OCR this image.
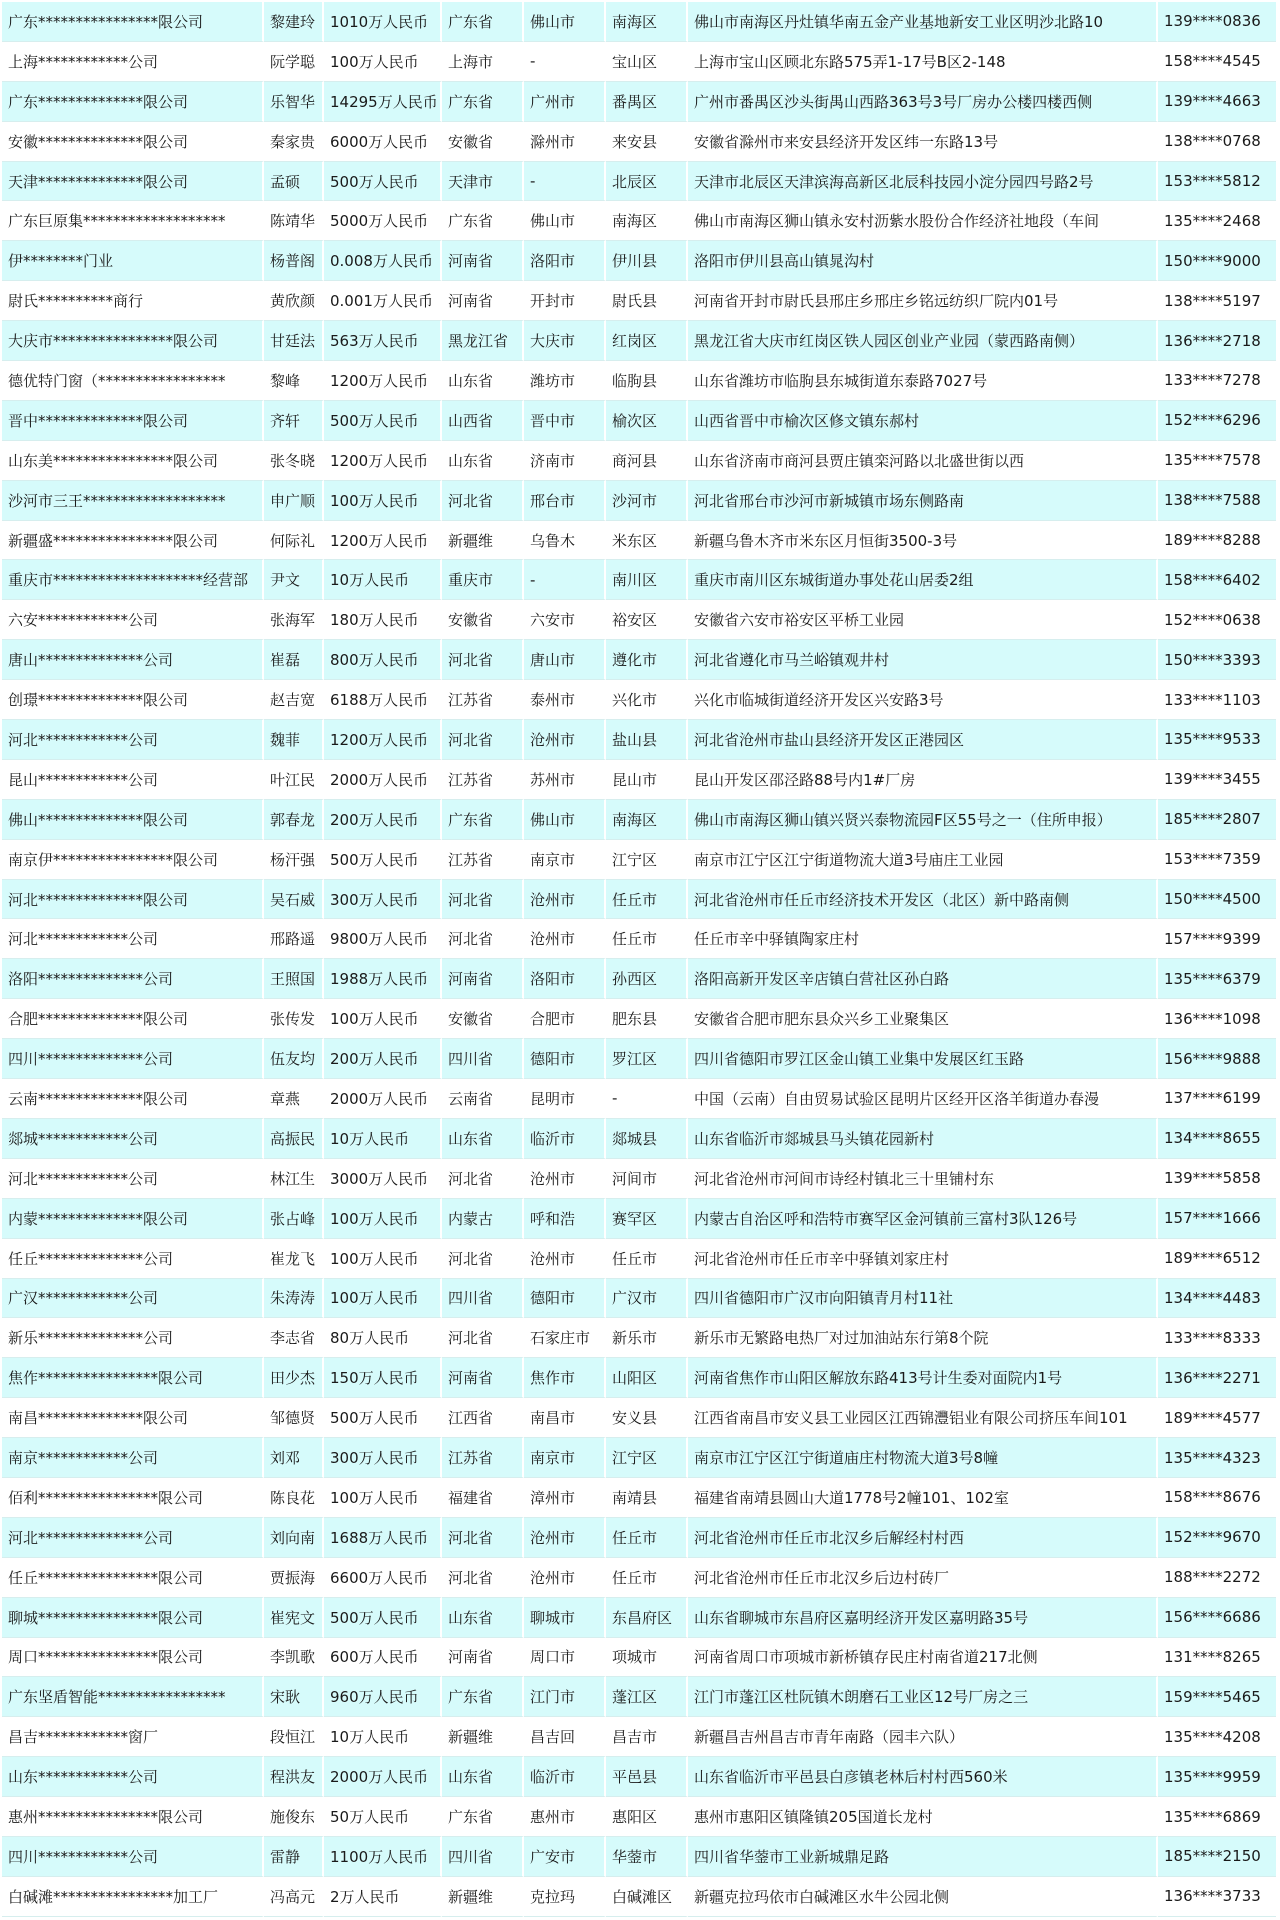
广东****************限公司	黎建玲	1010万人民币	广东省	佛山市	南海区	佛山市南海区丹灶镇华南五金产业基地新安工业区明沙北路10	139****0836
上海************公司	阮学聪	100万人民币	上海市	-	宝山区	上海市宝山区顾北东路575弄1-17号B区2-148	158****4545
广东**************限公司	乐智华	14295万人民币	广东省	广州市	番禺区	广州市番禺区沙头街禺山西路363号3号厂房办公楼四楼西侧	139****4663
安徽**************限公司	秦家贵	6000万人民币	安徽省	滁州市	来安县	安徽省滁州市来安县经济开发区纬一东路13号	138****0768
天津**************限公司	孟硕	500万人民币	天津市	-	北辰区	天津市北辰区天津滨海高新区北辰科技园小淀分园四号路2号	153****5812
广东巨原集*******************	陈靖华	5000万人民币	广东省	佛山市	南海区	佛山市南海区狮山镇永安村沥紫水股份合作经济社地段（车间	135****2468
伊********门业	杨普阁	0.008万人民币	河南省	洛阳市	伊川县	洛阳市伊川县高山镇晁沟村	150****9000
尉氏**********商行	黄欣颜	0.001万人民币	河南省	开封市	尉氏县	河南省开封市尉氏县邢庄乡邢庄乡铭远纺织厂院内01号	138****5197
大庆市****************限公司	甘廷法	563万人民币	黑龙江省	大庆市	红岗区	黑龙江省大庆市红岗区铁人园区创业产业园（蒙西路南侧）	136****2718
德优特门窗（*****************	黎峰	1200万人民币	山东省	潍坊市	临朐县	山东省潍坊市临朐县东城街道东泰路7027号	133****7278
晋中**************限公司	齐轩	500万人民币	山西省	晋中市	榆次区	山西省晋中市榆次区修文镇东郝村	152****6296
山东美****************限公司	张冬晓	1200万人民币	山东省	济南市	商河县	山东省济南市商河县贾庄镇栾河路以北盛世街以西	135****7578
沙河市三王*******************	申广顺	100万人民币	河北省	邢台市	沙河市	河北省邢台市沙河市新城镇市场东侧路南	138****7588
新疆盛****************限公司	何际礼	1200万人民币	新疆维	乌鲁木	米东区	新疆乌鲁木齐市米东区月恒街3500-3号	189****8288
重庆市********************经营部	尹文	10万人民币	重庆市	-	南川区	重庆市南川区东城街道办事处花山居委2组	158****6402
六安************公司	张海军	180万人民币	安徽省	六安市	裕安区	安徽省六安市裕安区平桥工业园	152****0638
唐山**************公司	崔磊	800万人民币	河北省	唐山市	遵化市	河北省遵化市马兰峪镇观井村	150****3393
创璟**************限公司	赵吉宽	6188万人民币	江苏省	泰州市	兴化市	兴化市临城街道经济开发区兴安路3号	133****1103
河北************公司	魏菲	1200万人民币	河北省	沧州市	盐山县	河北省沧州市盐山县经济开发区正港园区	135****9533
昆山************公司	叶江民	2000万人民币	江苏省	苏州市	昆山市	昆山开发区邵泾路88号内1#厂房	139****3455
佛山**************限公司	郭春龙	200万人民币	广东省	佛山市	南海区	佛山市南海区狮山镇兴贤兴泰物流园F区55号之一（住所申报）	185****2807
南京伊****************限公司	杨汗强	500万人民币	江苏省	南京市	江宁区	南京市江宁区江宁街道物流大道3号庙庄工业园	153****7359
河北**************限公司	吴石威	300万人民币	河北省	沧州市	任丘市	河北省沧州市任丘市经济技术开发区（北区）新中路南侧	150****4500
河北************公司	邢路遥	9800万人民币	河北省	沧州市	任丘市	任丘市辛中驿镇陶家庄村	157****9399
洛阳**************公司	王照国	1988万人民币	河南省	洛阳市	孙西区	洛阳高新开发区辛店镇白营社区孙白路	135****6379
合肥**************限公司	张传发	100万人民币	安徽省	合肥市	肥东县	安徽省合肥市肥东县众兴乡工业聚集区	136****1098
四川**************公司	伍友均	200万人民币	四川省	德阳市	罗江区	四川省德阳市罗江区金山镇工业集中发展区红玉路	156****9888
云南**************限公司	章燕	2000万人民币	云南省	昆明市	-	中国（云南）自由贸易试验区昆明片区经开区洛羊街道办春漫	137****6199
郯城************公司	高振民	10万人民币	山东省	临沂市	郯城县	山东省临沂市郯城县马头镇花园新村	134****8655
河北************公司	林江生	3000万人民币	河北省	沧州市	河间市	河北省沧州市河间市诗经村镇北三十里铺村东	139****5858
内蒙**************限公司	张占峰	100万人民币	内蒙古	呼和浩	赛罕区	内蒙古自治区呼和浩特市赛罕区金河镇前三富村3队126号	157****1666
任丘**************公司	崔龙飞	100万人民币	河北省	沧州市	任丘市	河北省沧州市任丘市辛中驿镇刘家庄村	189****6512
广汉************公司	朱涛涛	100万人民币	四川省	德阳市	广汉市	四川省德阳市广汉市向阳镇青月村11社	134****4483
新乐**************公司	李志省	80万人民币	河北省	石家庄市	新乐市	新乐市无繁路电热厂对过加油站东行第8个院	133****8333
焦作****************限公司	田少杰	150万人民币	河南省	焦作市	山阳区	河南省焦作市山阳区解放东路413号计生委对面院内1号	136****2271
南昌**************限公司	邹德贤	500万人民币	江西省	南昌市	安义县	江西省南昌市安义县工业园区江西锦灃铝业有限公司挤压车间101	189****4577
南京************公司	刘邓	300万人民币	江苏省	南京市	江宁区	南京市江宁区江宁街道庙庄村物流大道3号8幢	135****4323
佰利****************限公司	陈良花	100万人民币	福建省	漳州市	南靖县	福建省南靖县圆山大道1778号2幢101、102室	158****8676
河北**************公司	刘向南	1688万人民币	河北省	沧州市	任丘市	河北省沧州市任丘市北汉乡后解经村村西	152****9670
任丘****************限公司	贾振海	6600万人民币	河北省	沧州市	任丘市	河北省沧州市任丘市北汉乡后边村砖厂	188****2272
聊城****************限公司	崔宪文	500万人民币	山东省	聊城市	东昌府区	山东省聊城市东昌府区嘉明经济开发区嘉明路35号	156****6686
周口****************限公司	李凯歌	600万人民币	河南省	周口市	项城市	河南省周口市项城市新桥镇存民庄村南省道217北侧	131****8265
广东坚盾智能*****************	宋耿	960万人民币	广东省	江门市	蓬江区	江门市蓬江区杜阮镇木朗磨石工业区12号厂房之三	159****5465
昌吉************窗厂	段恒江	10万人民币	新疆维	昌吉回	昌吉市	新疆昌吉州昌吉市青年南路（园丰六队）	135****4208
山东************公司	程洪友	2000万人民币	山东省	临沂市	平邑县	山东省临沂市平邑县白彦镇老林后村村西560米	135****9959
惠州****************限公司	施俊东	50万人民币	广东省	惠州市	惠阳区	惠州市惠阳区镇隆镇205国道长龙村	135****6869
四川************公司	雷静	1100万人民币	四川省	广安市	华蓥市	四川省华蓥市工业新城鼎足路	185****2150
白碱滩****************加工厂	冯高元	2万人民币	新疆维	克拉玛	白碱滩区	新疆克拉玛依市白碱滩区水牛公园北侧	136****3733
